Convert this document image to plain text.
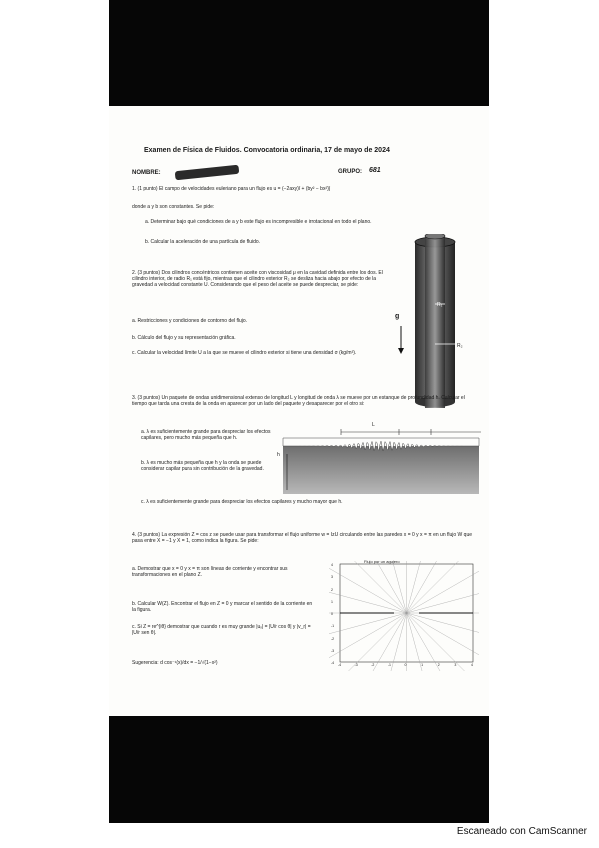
Examen de Física de Fluidos. Convocatoria ordinaria, 17 de mayo de 2024
NOMBRE:	GRUPO: 681
1. (1 punto) El campo de velocidades euleriano para un flujo es u = (−2axy)î + (by² − bx²)ĵ
donde a y b son constantes. Se pide:
a. Determinar bajo qué condiciones de a y b este flujo es incompresible e irrotacional en todo el plano.
b. Calcular la aceleración de una partícula de fluido.
2. (3 puntos) Dos cilindros concéntricos contienen aceite con viscosidad μ en la cavidad definida entre los dos. El cilindro interior, de radio R₁ está fijo, mientras que el cilindro exterior R₂ se desliza hacia abajo por efecto de la gravedad a velocidad constante U. Considerando que el peso del aceite se puede despreciar, se pide:
a. Restricciones y condiciones de contorno del flujo.
b. Cálculo del flujo y su representación gráfica.
c. Calcular la velocidad límite U a la que se mueve el cilindro exterior si tiene una densidad σ (kg/m³).
g
R₁
R₂
3. (3 puntos) Un paquete de ondas unidimensional extenso de longitud L y longitud de onda λ se mueve por un estanque de profundidad h. Calcular el tiempo que tarda una cresta de la onda en aparecer por un lado del paquete y desaparecer por el otro si:
a. λ es suficientemente grande para despreciar los efectos capilares, pero mucho más pequeña que h.
b. λ es mucho más pequeña que h y la onda se puede considerar capilar pura sin contribución de la gravedad.
c. λ es suficientemente grande para despreciar los efectos capilares y mucho mayor que h.
L
h
4. (3 puntos) La expresión Z = cos z se puede usar para transformar el flujo uniforme w = IzU circulando entre las paredes x = 0 y x = π en un flujo W que pasa entre X = −1 y X = 1, como indica la figura. Se pide:
a. Demostrar que x = 0 y x = π son líneas de corriente y encontrar sus transformaciones en el plano Z.
b. Calcular W(Z). Encontrar el flujo en Z = 0 y marcar el sentido de la corriente en la figura.
c. Si Z = re^{iθ} demostrar que cuando r es muy grande |uₓ| = |U/r cos θ| y |v_r| = |U/r sen θ|.
Sugerencia: d cos⁻¹(x)/dx = −1/√(1−x²)
Flujo por un agujero
-4	-3	-2	-1	0	1	2	3	4
4
3
2
1
0
-1
-2
-3
-4
Escaneado con CamScanner
